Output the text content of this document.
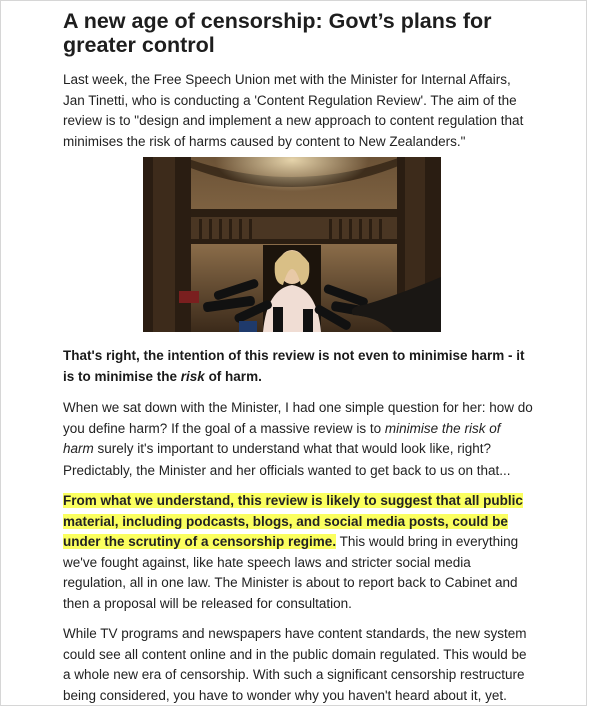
A new age of censorship: Govt’s plans for greater control

Last week, the Free Speech Union met with the Minister for Internal Affairs, Jan Tinetti, who is conducting a 'Content Regulation Review'. The aim of the review is to "design and implement a new approach to content regulation that minimises the risk of harms caused by content to New Zealanders."

That's right, the intention of this review is not even to minimise harm - it is to minimise the risk of harm.

When we sat down with the Minister, I had one simple question for her: how do you define harm? If the goal of a massive review is to minimise the risk of harm surely it's important to understand what that would look like, right?

Predictably, the Minister and her officials wanted to get back to us on that...

From what we understand, this review is likely to suggest that all public material, including podcasts, blogs, and social media posts, could be under the scrutiny of a censorship regime. This would bring in everything we've fought against, like hate speech laws and stricter social media regulation, all in one law. The Minister is about to report back to Cabinet and then a proposal will be released for consultation.

While TV programs and newspapers have content standards, the new system could see all content online and in the public domain regulated. This would be a whole new era of censorship. With such a significant censorship restructure being considered, you have to wonder why you haven't heard about it, yet.
